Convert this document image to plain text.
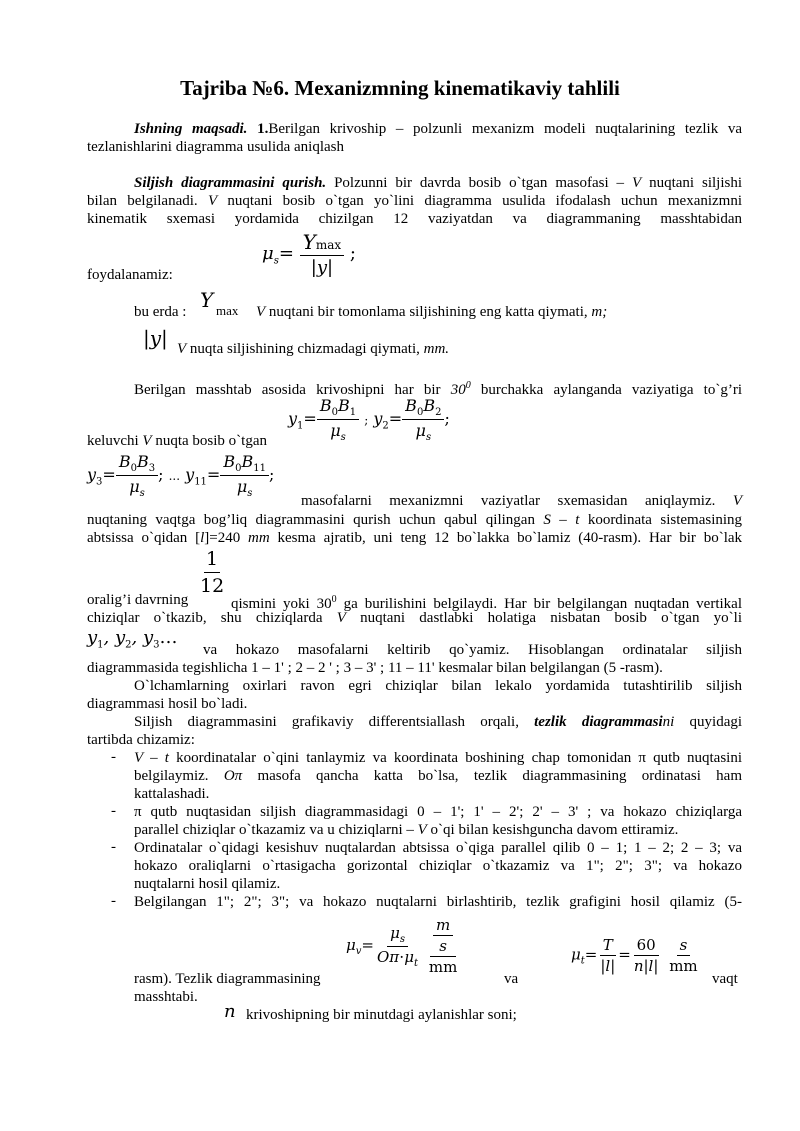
Tajriba №6. Mexanizmning kinematikaviy tahlili
Ishning maqsadi. 1.Berilgan krivoship – polzunli mexanizm modeli nuqtalarining tezlik va
tezlanishlarini diagramma usulida aniqlash
Siljish diagrammasini qurish. Polzunni bir davrda bosib o`tgan masofasi – V nuqtani siljishi
bilan belgilanadi. V nuqtani bosib o`tgan yo`lini diagramma usulida ifodalash uchun mexanizmni
kinematik sxemasi yordamida chizilgan 12 vaziyatdan va diagrammaning masshtabidan
$\mu_s= \frac{Ymax}{|y|}$ ;
foydalanamiz:
bu erda : Y max V nuqtani bir tomonlama siljishining eng katta qiymati, m;
|y| V nuqta siljishining chizmadagi qiymati, mm.
Berilgan masshtab asosida krivoshipni har bir $30^0$ burchakka aylanganda vaziyatiga to`g’ri
$y_1= \frac{B_0B_1}{\mu_s}$ ; $y_2= \frac{B_0B_2}{\mu_s}$ ;
keluvchi V nuqta bosib o`tgan
$y_3= \frac{B_0B_3}{\mu_s}$ ; ... $y_{11}= \frac{B_0B_{11}}{\mu_s}$ ;
masofalarni mexanizmni vaziyatlar sxemasidan aniqlaymiz. V
nuqtaning vaqtga bog’liq diagrammasini qurish uchun qabul qilingan S – t koordinata sistemasining
abtsissa o`qidan [l]=240 mm kesma ajratib, uni teng 12 bo`lakka bo`lamiz (40-rasm). Har bir bo`lak
$\frac{1}{12}$
oralig’i davrning	qismini yoki $30^0$ ga burilishini belgilaydi. Har bir belgilangan nuqtadan vertikal
chiziqlar o`tkazib, shu chiziqlarda V nuqtani dastlabki holatiga nisbatan bosib o`tgan yo`li
$y_1$, $y_2$, $y_3\dots$
va hokazo masofalarni keltirib qo`yamiz. Hisoblangan ordinatalar siljish
diagrammasida tegishlicha 1 – 1' ; 2 – 2 ' ; 3 – 3' ; 11 – 11' kesmalar bilan belgilangan (5 -rasm).
O`lchamlarning oxirlari ravon egri chiziqlar bilan lekalo yordamida tutashtirilib siljish
diagrammasi hosil bo`ladi.
Siljish diagrammasini grafikaviy differentsiallash orqali, tezlik diagrammasini quyidagi
tartibda chizamiz:
- V – t koordinatalar o`qini tanlaymiz va koordinata boshining chap tomonidan π qutb nuqtasini
belgilaymiz. Oπ masofa qancha katta bo`lsa, tezlik diagrammasining ordinatasi ham
kattalashadi.
- π qutb nuqtasidan siljish diagrammasidagi 0 – 1'; 1' – 2'; 2' – 3' ; va hokazo chiziqlarga
parallel chiziqlar o`tkazamiz va u chiziqlarni – V o`qi bilan kesishguncha davom ettiramiz.
- Ordinatalar o`qidagi kesishuv nuqtalardan abtsissa o`qiga parallel qilib 0 – 1; 1 – 2; 2 – 3; va
hokazo oraliqlarni o`rtasigacha gorizontal chiziqlar o`tkazamiz va 1"; 2"; 3"; va hokazo
nuqtalarni hosil qilamiz.
- Belgilangan 1"; 2"; 3"; va hokazo nuqtalarni birlashtirib, tezlik grafigini hosil qilamiz (5-
$\mu_v= \frac{\mu_s}{O\pi\cdot\mu_t}$
$\frac{\frac{m}{s}}{mm}$	$\mu_t= \frac{T}{|l|} = \frac{60}{n|l|}$
$\frac{s}{mm}$
rasm). Tezlik diagrammasining	va	vaqt
masshtabi.
n krivoshipning bir minutdagi aylanishlar soni;
